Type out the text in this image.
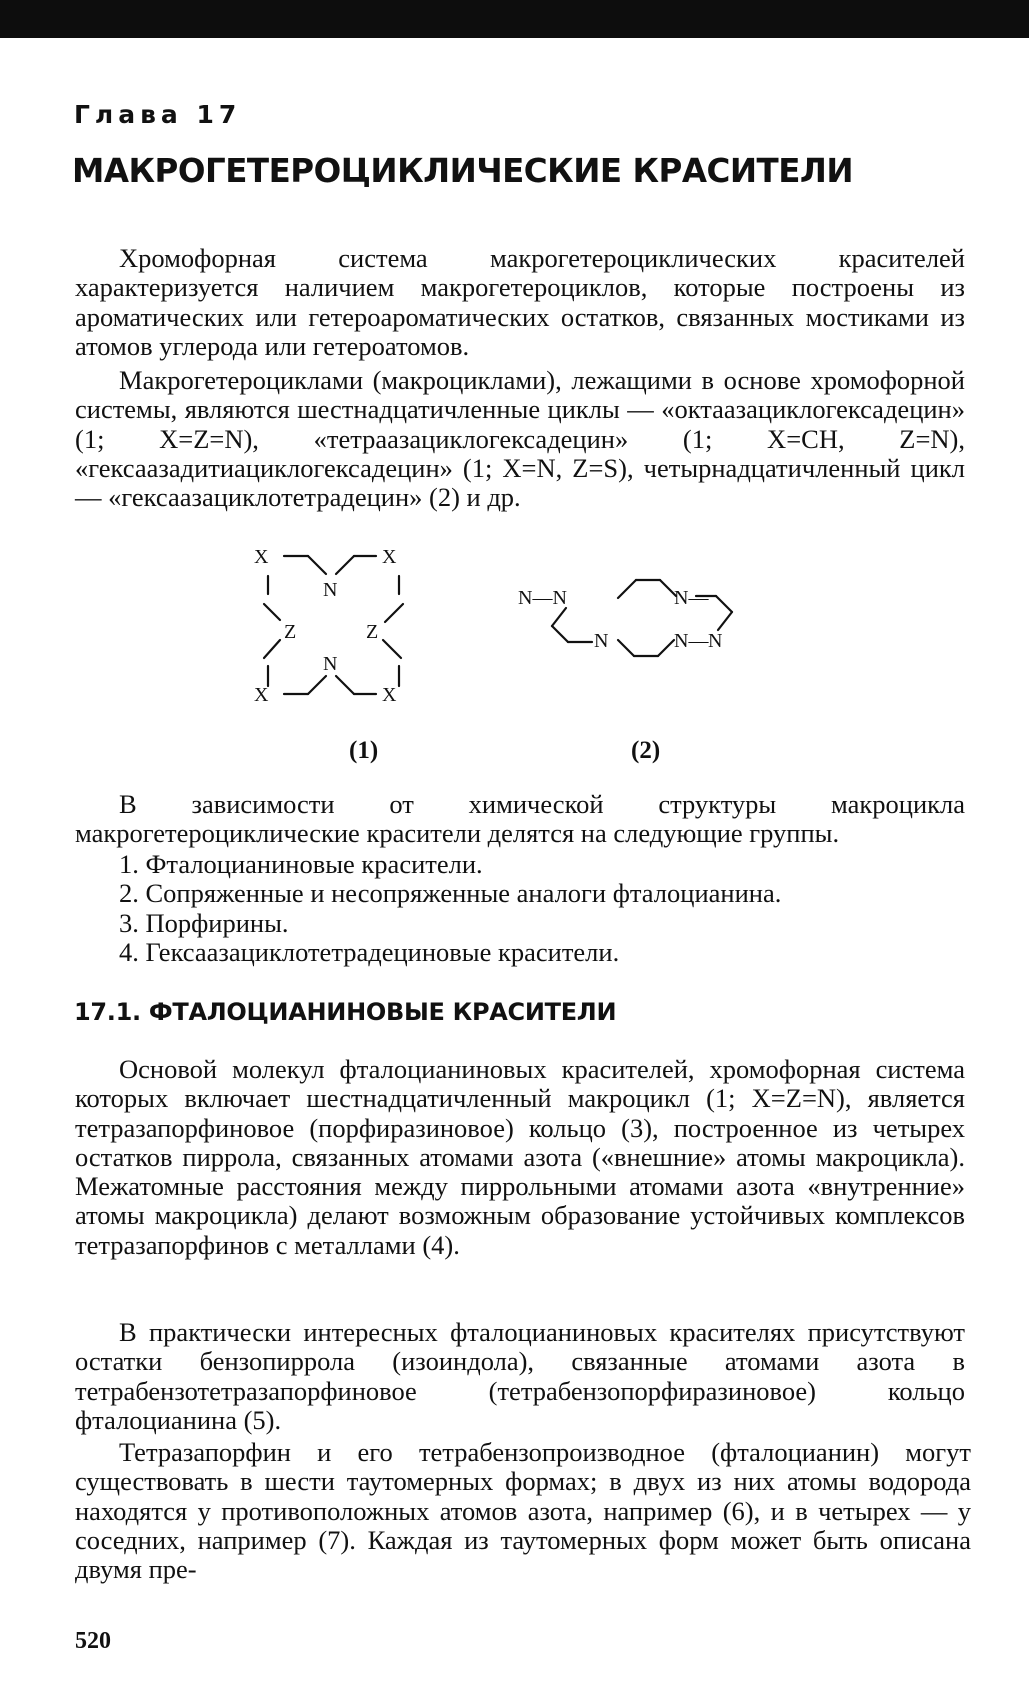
Глава 17

МАКРОГЕТЕРОЦИКЛИЧЕСКИЕ КРАСИТЕЛИ

Хромофорная система макрогетероциклических красителей характеризуется наличием макрогетероциклов, которые построены из ароматических или гетероароматических остатков, связанных мостиками из атомов углерода или гетероатомов.

Макрогетероциклами (макроциклами), лежащими в основе хромофорной системы, являются шестнадцатичленные циклы — «октаазациклогексадецин» (1; X=Z=N), «тетраазациклогексадецин» (1; X=CH, Z=N), «гексаазадитиациклогексадецин» (1; X=N, Z=S), четырнадцатичленный цикл — «гексаазациклотетрадецин» (2) и др.

X	X
N
Z	Z
N
X	X
N—N	N—
N	N— N

(1)	(2)

В зависимости от химической структуры макроцикла макрогетероциклические красители делятся на следующие группы.

1. Фталоцианиновые красители.
2. Сопряженные и несопряженные аналоги фталоцианина.
3. Порфирины.
4. Гексаазациклотетрадециновые красители.
17.1. ФТАЛОЦИАНИНОВЫЕ КРАСИТЕЛИ

Основой молекул фталоцианиновых красителей, хромофорная система которых включает шестнадцатичленный макроцикл (1; X=Z=N), является тетразапорфиновое (порфиразиновое) кольцо (3), построенное из четырех остатков пиррола, связанных атомами азота («внешние» атомы макроцикла). Межатомные расстояния между пиррольными атомами азота «внутренние» атомы макроцикла) делают возможным образование устойчивых комплексов тетразапорфинов с металлами (4).

В практически интересных фталоцианиновых красителях присутствуют остатки бензопиррола (изоиндола), связанные атомами азота в тетрабензотетразапорфиновое (тетрабензопорфиразиновое) кольцо фталоцианина (5).

Тетразапорфин и его тетрабензопроизводное (фталоцианин) могут существовать в шести таутомерных формах; в двух из них атомы водорода находятся у противоположных атомов азота, например (6), и в четырех — у соседних, например (7). Каждая из таутомерных форм может быть описана двумя пре-

520
